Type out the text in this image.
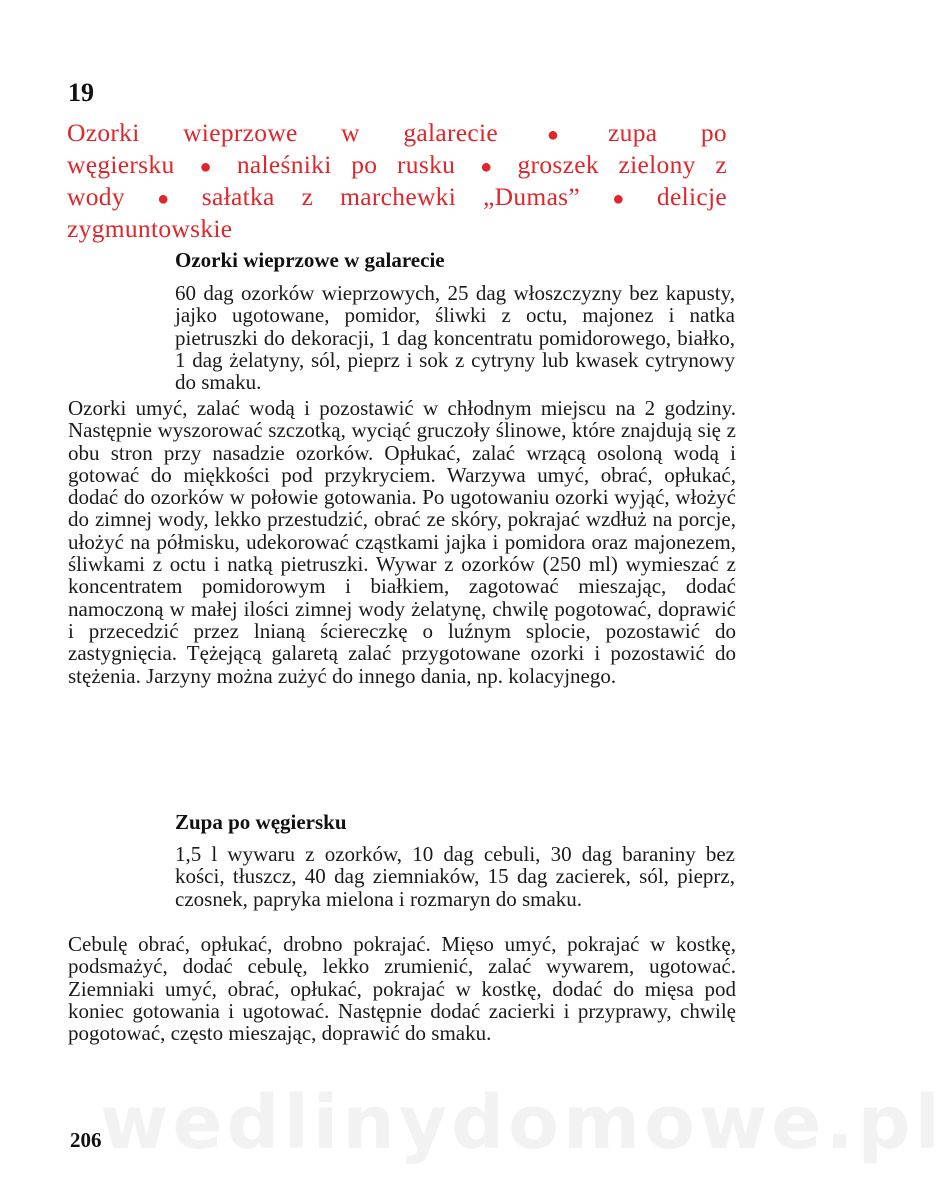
wedlinydomowe.pl
19
Ozorki wieprzowe w galarecie ● zupa po węgiersku ● naleśniki po rusku ● groszek zielony z wody ● sałatka z marchewki „Dumas” ● delicje zygmuntowskie
Ozorki wieprzowe w galarecie
60 dag ozorków wieprzowych, 25 dag włoszczyzny bez kapusty, jajko ugotowane, pomidor, śliwki z octu, majonez i natka pietruszki do dekoracji, 1 dag koncentratu pomidorowego, białko, 1 dag żelatyny, sól, pieprz i sok z cytryny lub kwasek cytrynowy do smaku.
Ozorki umyć, zalać wodą i pozostawić w chłodnym miejscu na 2 godziny. Następnie wyszorować szczotką, wyciąć gruczoły ślinowe, które znajdują się z obu stron przy nasadzie ozorków. Opłukać, zalać wrzącą osoloną wodą i gotować do miękkości pod przykryciem. Warzywa umyć, obrać, opłukać, dodać do ozorków w połowie gotowania. Po ugotowaniu ozorki wyjąć, włożyć do zimnej wody, lekko przestudzić, obrać ze skóry, pokrajać wzdłuż na porcje, ułożyć na półmisku, udekorować cząstkami jajka i pomidora oraz majonezem, śliwkami z octu i natką pietruszki. Wywar z ozorków (250 ml) wymieszać z koncentratem pomidorowym i białkiem, zagotować mieszając, dodać namoczoną w małej ilości zimnej wody żelatynę, chwilę pogotować, doprawić i przecedzić przez lnianą ściereczkę o luźnym splocie, pozostawić do zastygnięcia. Tężejącą galaretą zalać przygotowane ozorki i pozostawić do stężenia. Jarzyny można zużyć do innego dania, np. kolacyjnego.
Zupa po węgiersku
1,5 l wywaru z ozorków, 10 dag cebuli, 30 dag baraniny bez kości, tłuszcz, 40 dag ziemniaków, 15 dag zacierek, sól, pieprz, czosnek, papryka mielona i rozmaryn do smaku.
Cebulę obrać, opłukać, drobno pokrajać. Mięso umyć, pokrajać w kostkę, podsmażyć, dodać cebulę, lekko zrumienić, zalać wywarem, ugotować. Ziemniaki umyć, obrać, opłukać, pokrajać w kostkę, dodać do mięsa pod koniec gotowania i ugotować. Następnie dodać zacierki i przyprawy, chwilę pogotować, często mieszając, doprawić do smaku.
206
